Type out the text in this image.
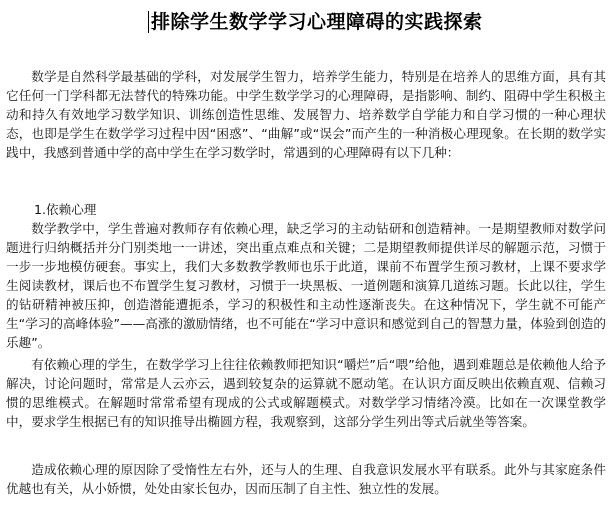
排除学生数学学习心理障碍的实践探索

数学是自然科学最基础的学科，对发展学生智力，培养学生能力，特别是在培养人的思维方面，具有其它任何一门学科都无法替代的特殊功能。中学生数学学习的心理障碍，是指影响、制约、阻碍中学生积极主动和持久有效地学习数学知识、训练创造性思维、发展智力、培养数学自学能力和自学习惯的一种心理状态，也即是学生在数学学习过程中因“困惑”、“曲解”或“误会”而产生的一种消极心理现象。在长期的数学实践中，我感到普通中学的高中学生在学习数学时，常遇到的心理障碍有以下几种：

1.依赖心理

数学教学中，学生普遍对教师存有依赖心理，缺乏学习的主动钻研和创造精神。一是期望教师对数学问题进行归纳概括并分门别类地一一讲述，突出重点难点和关键；二是期望教师提供详尽的解题示范，习惯于一步一步地模仿硬套。事实上，我们大多数教学教师也乐于此道，课前不布置学生预习教材，上课不要求学生阅读教材，课后也不布置学生复习教材，习惯于一块黑板、一道例题和演算几道练习题。长此以往，学生的钻研精神被压抑，创造潜能遭扼杀，学习的积极性和主动性逐渐丧失。在这种情况下，学生就不可能产生“学习的高峰体验”——高涨的激励情绪，也不可能在“学习中意识和感觉到自己的智慧力量，体验到创造的乐趣”。

有依赖心理的学生，在数学学习上往往依赖教师把知识“嚼烂”后“喂”给他，遇到难题总是依赖他人给予解决，讨论问题时，常常是人云亦云，遇到较复杂的运算就不愿动笔。在认识方面反映出依赖直观、信赖习惯的思维模式。在解题时常常希望有现成的公式或解题模式。对数学学习情绪冷漠。比如在一次课堂教学中，要求学生根据已有的知识推导出椭圆方程，我观察到，这部分学生列出等式后就坐等答案。

造成依赖心理的原因除了受惰性左右外，还与人的生理、自我意识发展水平有联系。此外与其家庭条件优越也有关，从小娇惯，处处由家长包办，因而压制了自主性、独立性的发展。
